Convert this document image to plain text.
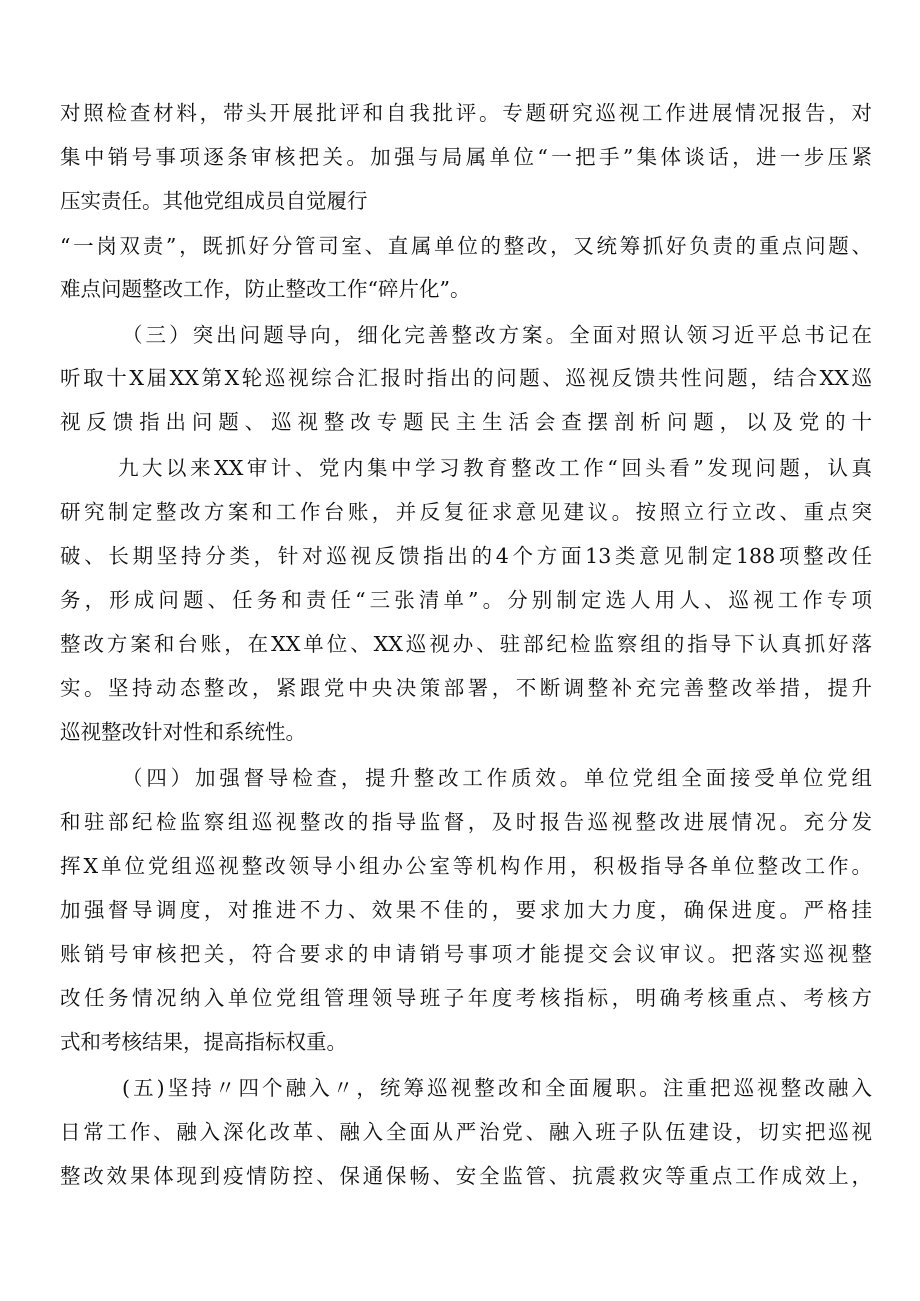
对照检查材料，带头开展批评和自我批评。专题研究巡视工作进展情况报告，对
集中销号事项逐条审核把关。加强与局属单位“一把手”集体谈话，进一步压紧
压实责任。其他党组成员自觉履行
“一岗双责”，既抓好分管司室、直属单位的整改，又统筹抓好负责的重点问题、
难点问题整改工作，防止整改工作“碎片化”。
（三）突出问题导向，细化完善整改方案。全面对照认领习近平总书记在
听取十X届XX第X轮巡视综合汇报时指出的问题、巡视反馈共性问题，结合XX巡
视反馈指出问题、巡视整改专题民主生活会查摆剖析问题，以及党的十
九大以来XX审计、党内集中学习教育整改工作“回头看”发现问题，认真
研究制定整改方案和工作台账，并反复征求意见建议。按照立行立改、重点突
破、长期坚持分类，针对巡视反馈指出的4个方面13类意见制定188项整改任
务，形成问题、任务和责任“三张清单”。分别制定选人用人、巡视工作专项
整改方案和台账，在XX单位、XX巡视办、驻部纪检监察组的指导下认真抓好落
实。坚持动态整改，紧跟党中央决策部署，不断调整补充完善整改举措，提升
巡视整改针对性和系统性。
（四）加强督导检查，提升整改工作质效。单位党组全面接受单位党组
和驻部纪检监察组巡视整改的指导监督，及时报告巡视整改进展情况。充分发
挥X单位党组巡视整改领导小组办公室等机构作用，积极指导各单位整改工作。
加强督导调度，对推进不力、效果不佳的，要求加大力度，确保进度。严格挂
账销号审核把关，符合要求的申请销号事项才能提交会议审议。把落实巡视整
改任务情况纳入单位党组管理领导班子年度考核指标，明确考核重点、考核方
式和考核结果，提高指标权重。
(五)坚持〃四个融入〃，统筹巡视整改和全面履职。注重把巡视整改融入
日常工作、融入深化改革、融入全面从严治党、融入班子队伍建设，切实把巡视
整改效果体现到疫情防控、保通保畅、安全监管、抗震救灾等重点工作成效上，
